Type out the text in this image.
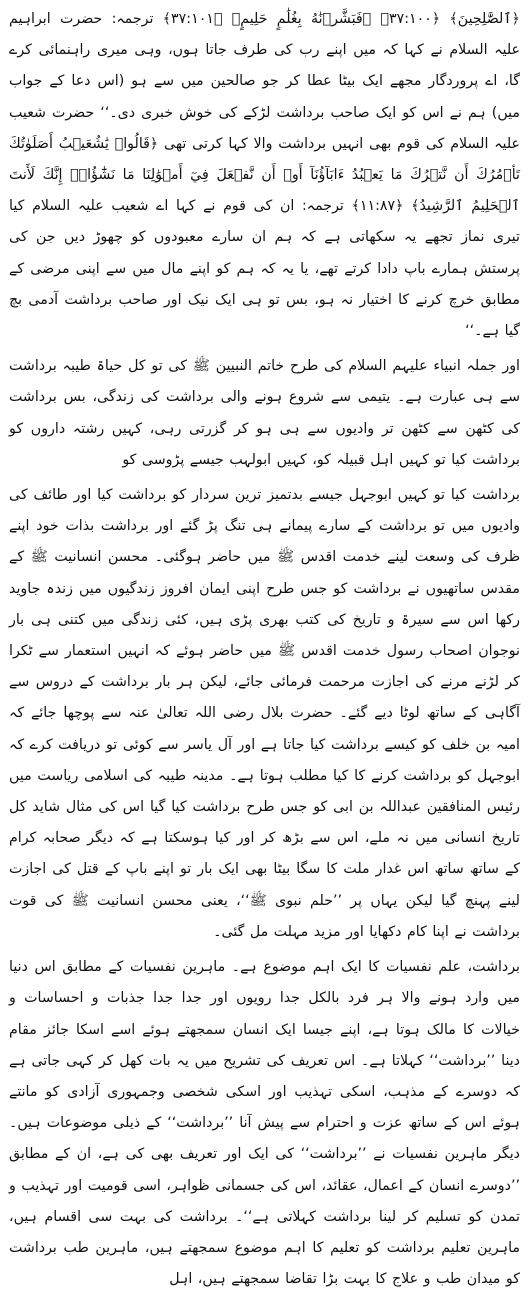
﴿ٱلصَّٰلِحِينَ﴾ ﴿۳۷:۱۰۰﴾ ﴿فَبَشَّرۡنَٰهُ بِغُلَٰمٍ حَلِيمٍ﴾ ﴿۳۷:۱۰۱﴾ ترجمہ: حضرت ابراہیم علیہ السلام نے کہا کہ میں اپنے رب کی طرف جاتا ہوں، وہی میری راہنمائی کرے گا، اے پروردگار مجھے ایک بیٹا عطا کر جو صالحین میں سے ہو (اس دعا کے جواب میں) ہم نے اس کو ایک صاحب برداشت لڑکے کی خوش خبری دی۔‘‘ حضرت شعیب علیہ السلام کی قوم بھی انہیں برداشت والا کہا کرتی تھی ﴿قَالُوا۟ يَٰشُعَيۡبُ أَصَلَوٰتُكَ تَأۡمُرُكَ أَن نَّتۡرُكَ مَا يَعۡبُدُ ءَابَآؤُنَآ أَوۡ أَن نَّفۡعَلَ فِيٓ أَمۡوَٰلِنَا مَا نَشَٰٓؤُا۟ۖ إِنَّكَ لَأَنتَ ٱلۡحَلِيمُ ٱلرَّشِيدُ﴾ ﴿۱۱:۸۷﴾ ترجمہ: ان کی قوم نے کہا اے شعیب علیہ السلام کیا تیری نماز تجھے یہ سکھاتی ہے کہ ہم ان سارے معبودوں کو چھوڑ دیں جن کی پرستش ہمارے باپ دادا کرتے تھے، یا یہ کہ ہم کو اپنے مال میں سے اپنی مرضی کے مطابق خرچ کرنے کا اختیار نہ ہو، بس تو ہی ایک نیک اور صاحب برداشت آدمی بچ گیا ہے۔‘‘

اور جملہ انبیاء علیہم السلام کی طرح خاتم النبیین ﷺ کی تو کل حیاۃ طیبہ برداشت سے ہی عبارت ہے۔ یتیمی سے شروع ہونے والی برداشت کی زندگی، بس برداشت کی کٹھن سے کٹھن تر وادیوں سے ہی ہو کر گزرتی رہی، کہیں رشتہ داروں کو برداشت کیا تو کہیں اہل قبیلہ کو، کہیں ابولہب جیسے پڑوسی کو

برداشت کیا تو کہیں ابوجہل جیسے بدتمیز ترین سردار کو برداشت کیا اور طائف کی وادیوں میں تو برداشت کے سارے پیمانے ہی تنگ پڑ گئے اور برداشت بذات خود اپنے ظرف کی وسعت لینے خدمت اقدس ﷺ میں حاضر ہوگئی۔ محسن انسانیت ﷺ کے مقدس ساتھیوں نے برداشت کو جس طرح اپنی ایمان افروز زندگیوں میں زندہ جاوید رکھا اس سے سیرۃ و تاریخ کی کتب بھری پڑی ہیں، کئی زندگی میں کتنی ہی بار نوجوان اصحاب رسول خدمت اقدس ﷺ میں حاضر ہوئے کہ انہیں استعمار سے ٹکرا کر لڑنے مرنے کی اجازت مرحمت فرمائی جائے، لیکن ہر بار برداشت کے دروس سے آگاہی کے ساتھ لوٹا دیے گئے۔ حضرت بلال رضی اللہ تعالیٰ عنہ سے پوچھا جائے کہ امیہ بن خلف کو کیسے برداشت کیا جاتا ہے اور آل یاسر سے کوئی تو دریافت کرے کہ ابوجہل کو برداشت کرنے کا کیا مطلب ہوتا ہے۔ مدینہ طیبہ کی اسلامی ریاست میں رئیس المنافقین عبداللہ بن ابی کو جس طرح برداشت کیا گیا اس کی مثال شاید کل تاریخ انسانی میں نہ ملے، اس سے بڑھ کر اور کیا ہوسکتا ہے کہ دیگر صحابہ کرام کے ساتھ ساتھ اس غدار ملت کا سگا بیٹا بھی ایک بار تو اپنے باپ کے قتل کی اجازت لینے پہنچ گیا لیکن یہاں پر ’’حلم نبوی ﷺ‘‘، یعنی محسن انسانیت ﷺ کی قوت برداشت نے اپنا کام دکھایا اور مزید مہلت مل گئی۔

برداشت، علم نفسیات کا ایک اہم موضوع ہے۔ ماہرین نفسیات کے مطابق اس دنیا میں وارد ہونے والا ہر فرد بالکل جدا رویوں اور جدا جدا جذبات و احساسات و خیالات کا مالک ہوتا ہے، اپنے جیسا ایک انسان سمجھتے ہوئے اسے اسکا جائز مقام دینا ’’برداشت‘‘ کہلاتا ہے۔ اس تعریف کی تشریح میں یہ بات کھل کر کہی جاتی ہے کہ دوسرے کے مذہب، اسکی تہذیب اور اسکی شخصی وجمہوری آزادی کو مانتے ہوئے اس کے ساتھ عزت و احترام سے پیش آنا ’’برداشت‘‘ کے ذیلی موضوعات ہیں۔ دیگر ماہرین نفسیات نے ’’برداشت‘‘ کی ایک اور تعریف بھی کی ہے، ان کے مطابق ’’دوسرے انسان کے اعمال، عقائد، اس کی جسمانی ظواہر، اسی قومیت اور تہذیب و تمدن کو تسلیم کر لینا برداشت کہلاتی ہے‘‘۔ برداشت کی بہت سی اقسام ہیں، ماہرین تعلیم برداشت کو تعلیم کا اہم موضوع سمجھتے ہیں، ماہرین طب برداشت کو میدان طب و علاج کا بہت بڑا تقاضا سمجھتے ہیں، اہل
